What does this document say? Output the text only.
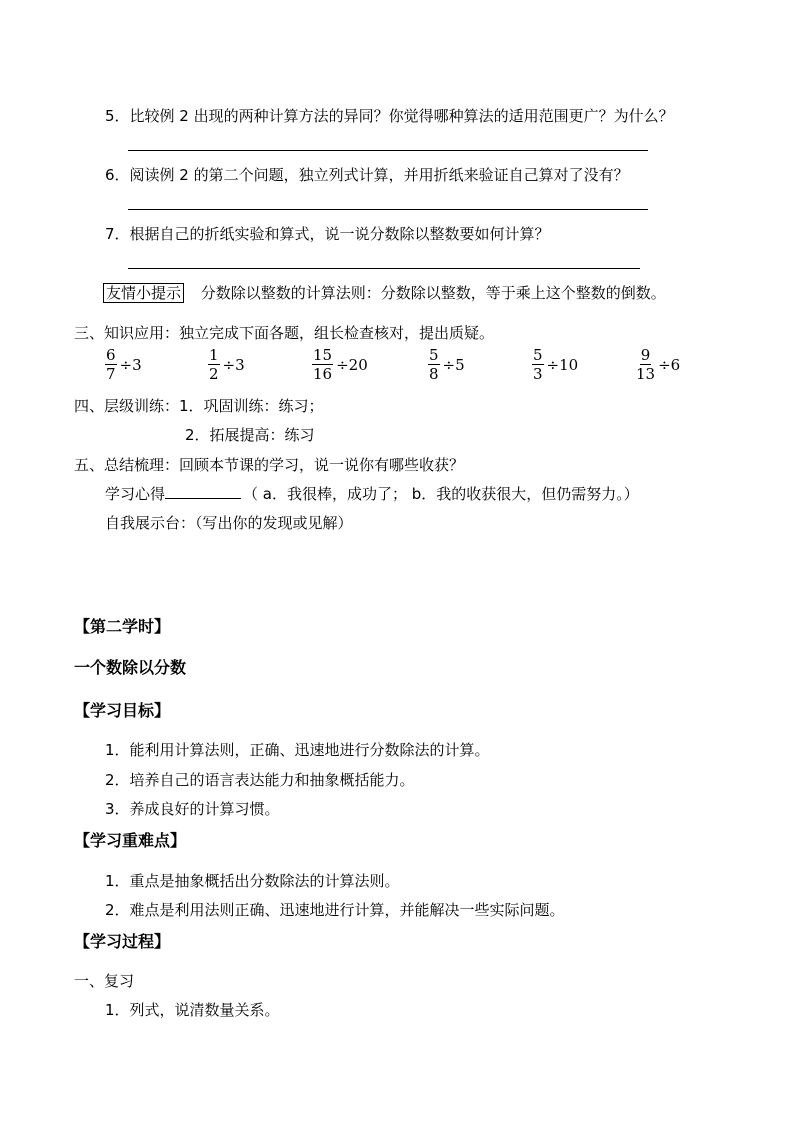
5．比较例 2 出现的两种计算方法的异同？你觉得哪种算法的适用范围更广？为什么？
6．阅读例 2 的第二个问题，独立列式计算，并用折纸来验证自己算对了没有？
7．根据自己的折纸实验和算式，说一说分数除以整数要如何计算？
友情小提示 分数除以整数的计算法则：分数除以整数，等于乘上这个整数的倒数。
三、知识应用：独立完成下面各题，组长检查核对，提出质疑。
$\frac{6}{7} \div 3$	$\frac{1}{2} \div 3$	$\frac{15}{16} \div 20$	$\frac{5}{8} \div 5$	$\frac{5}{3} \div 10$	$\frac{9}{13} \div 6$
四、层级训练：1．巩固训练：练习；
2．拓展提高：练习
五、总结梳理：回顾本节课的学习，说一说你有哪些收获？
学习心得	（ a．我很棒，成功了； b．我的收获很大，但仍需努力。）
自我展示台：（写出你的发现或见解）
【第二学时】
一个数除以分数
【学习目标】
1．能利用计算法则，正确、迅速地进行分数除法的计算。
2．培养自己的语言表达能力和抽象概括能力。
3．养成良好的计算习惯。
【学习重难点】
1．重点是抽象概括出分数除法的计算法则。
2．难点是利用法则正确、迅速地进行计算，并能解决一些实际问题。
【学习过程】
一、复习
1．列式，说清数量关系。
